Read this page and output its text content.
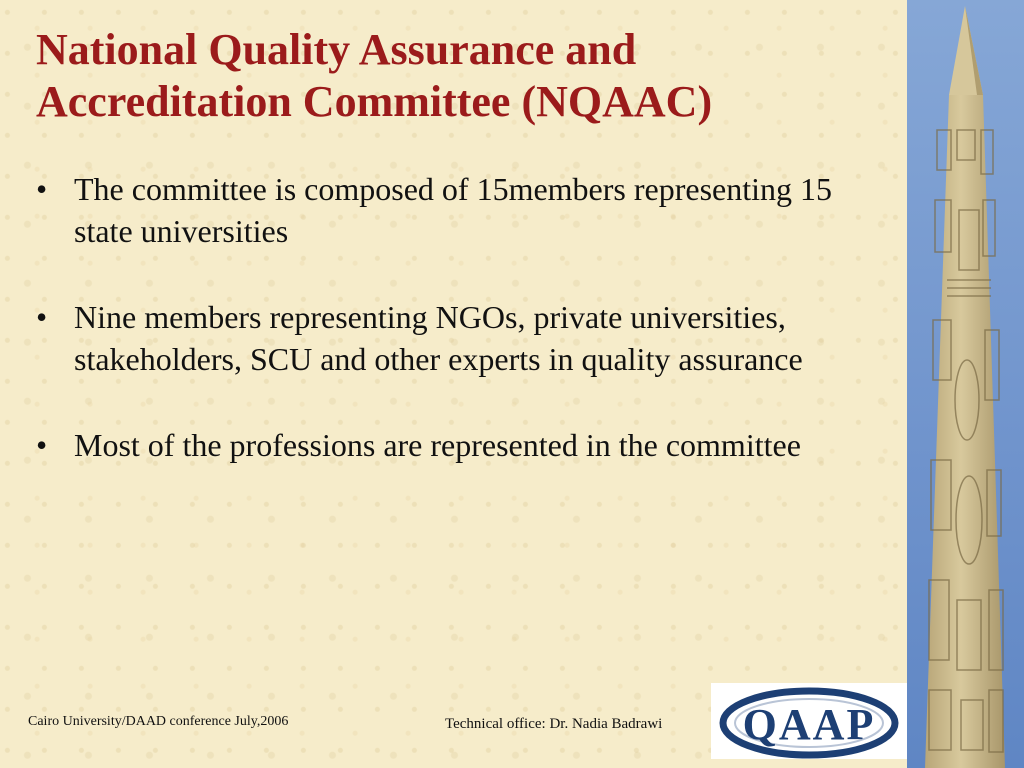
National Quality Assurance and Accreditation Committee (NQAAC)
• The committee is composed of 15members representing 15 state universities
• Nine members representing NGOs, private universities, stakeholders, SCU and other experts in quality assurance
• Most of the professions are represented in the committee
Cairo University/DAAD conference July,2006	Technical office: Dr. Nadia Badrawi QAAP
